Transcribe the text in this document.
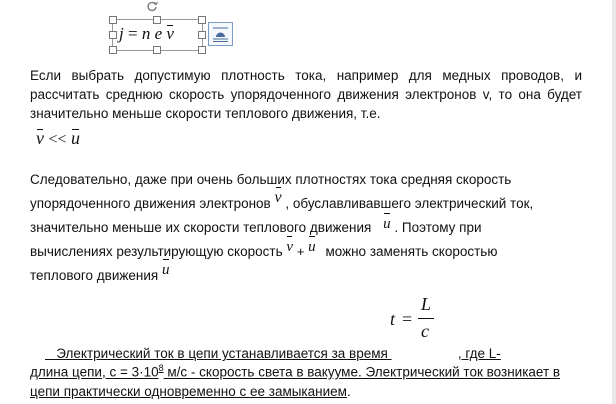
j = n e v

Если выбрать допустимую плотность тока, например для медных проводов, и рассчитать среднюю скорость упорядоченного движения электронов v, то она будет значительно меньше скорости теплового движения, т.е.

v << u
Следовательно, даже при очень больших плотностях тока средняя скорость
упорядоченного движения электронов v , обуславливавшего электрический ток,
значительно меньше их скорости теплового движения u . Поэтому при
вычислениях результирующую скорость v + u можно заменять скоростью
теплового движения u
t =
L
c

Электрический ток в цепи устанавливается за время	, где L-

длина цепи, $с = 3\cdot 10^8$ м/с - скорость света в вакууме. Электрический ток возникает в
цепи практически одновременно с ее замыканием.
